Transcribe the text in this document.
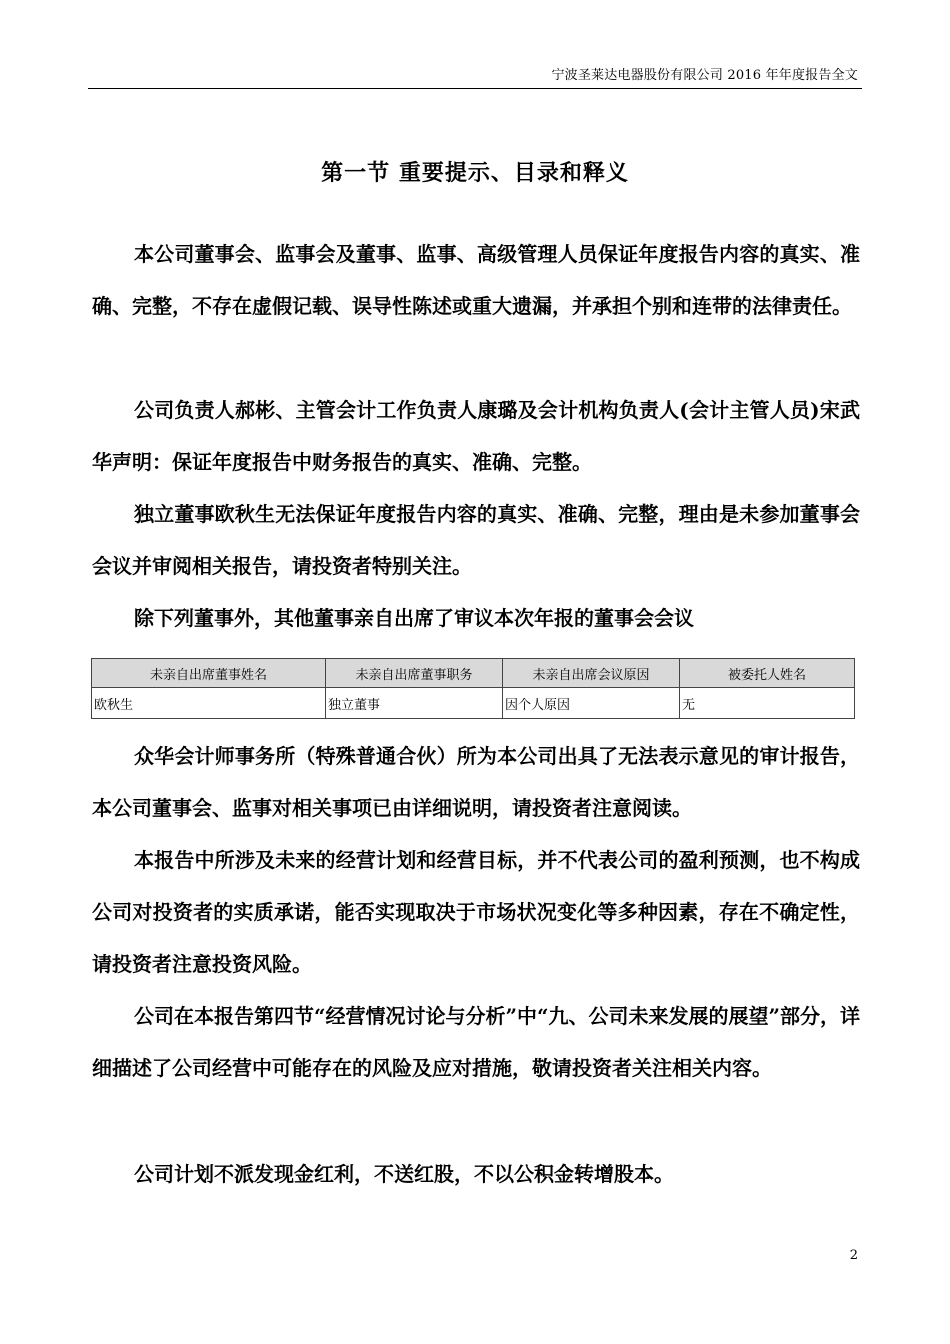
宁波圣莱达电器股份有限公司 2016 年年度报告全文
第一节 重要提示、目录和释义

本公司董事会、监事会及董事、监事、高级管理人员保证年度报告内容的真实、准确、完整，不存在虚假记载、误导性陈述或重大遗漏，并承担个别和连带的法律责任。

公司负责人郝彬、主管会计工作负责人康璐及会计机构负责人(会计主管人员)宋武华声明：保证年度报告中财务报告的真实、准确、完整。

独立董事欧秋生无法保证年度报告内容的真实、准确、完整，理由是未参加董事会会议并审阅相关报告，请投资者特别关注。

除下列董事外，其他董事亲自出席了审议本次年报的董事会会议

未亲自出席董事姓名	未亲自出席董事职务	未亲自出席会议原因	被委托人姓名
欧秋生	独立董事	因个人原因	无

众华会计师事务所（特殊普通合伙）所为本公司出具了无法表示意见的审计报告，本公司董事会、监事对相关事项已由详细说明，请投资者注意阅读。

本报告中所涉及未来的经营计划和经营目标，并不代表公司的盈利预测，也不构成公司对投资者的实质承诺，能否实现取决于市场状况变化等多种因素，存在不确定性，请投资者注意投资风险。

公司在本报告第四节“经营情况讨论与分析”中“九、公司未来发展的展望”部分，详细描述了公司经营中可能存在的风险及应对措施，敬请投资者关注相关内容。

公司计划不派发现金红利，不送红股，不以公积金转增股本。

2
